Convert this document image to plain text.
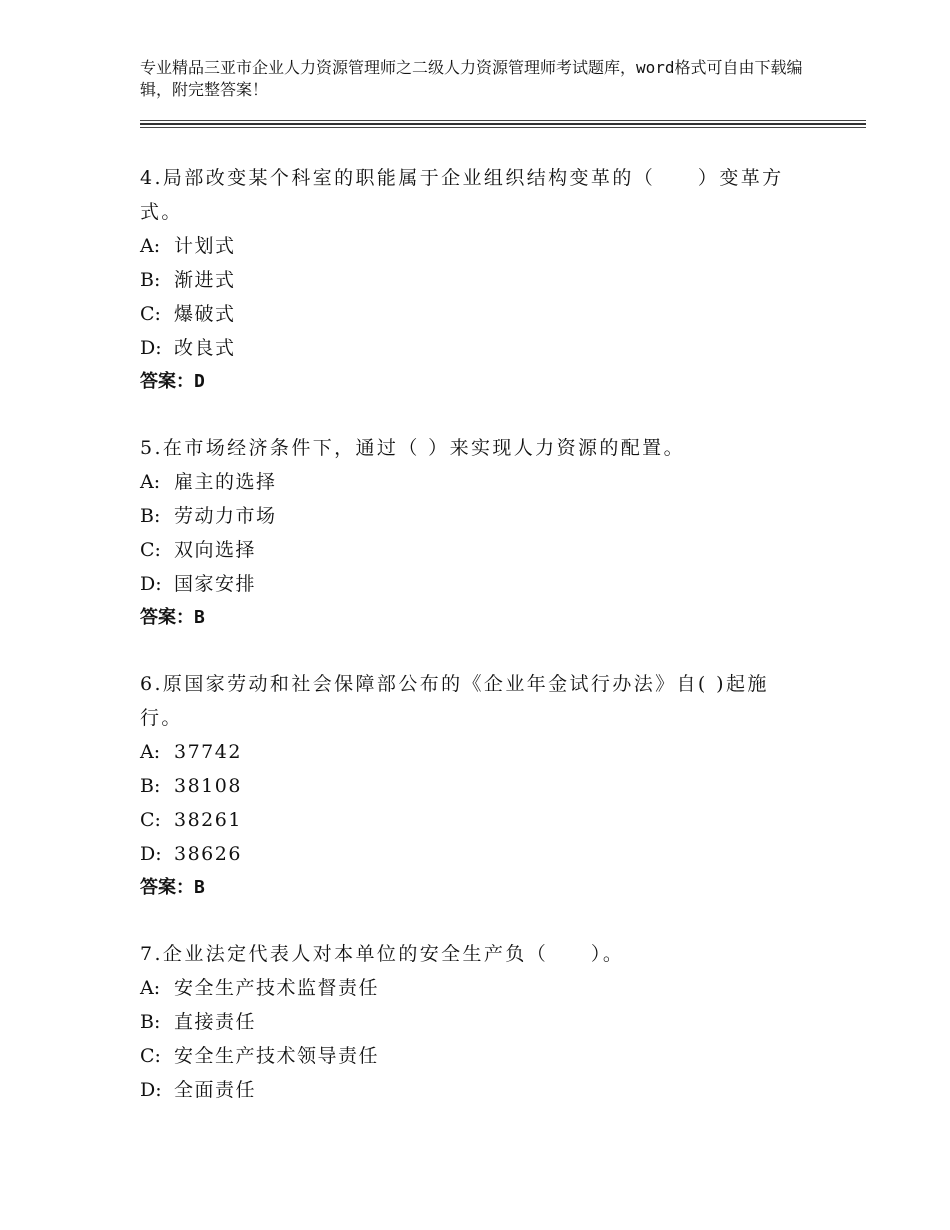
专业精品三亚市企业人力资源管理师之二级人力资源管理师考试题库，word格式可自由下载编辑，附完整答案！

4.局部改变某个科室的职能属于企业组织结构变革的（　　）变革方式。

A: 计划式

B: 渐进式

C: 爆破式

D: 改良式

答案：D

5.在市场经济条件下，通过（ ）来实现人力资源的配置。

A: 雇主的选择

B: 劳动力市场

C: 双向选择

D: 国家安排

答案：B

6.原国家劳动和社会保障部公布的《企业年金试行办法》自( )起施行。

A: 37742

B: 38108

C: 38261

D: 38626

答案：B

7.企业法定代表人对本单位的安全生产负（　　）。

A: 安全生产技术监督责任

B: 直接责任

C: 安全生产技术领导责任

D: 全面责任
